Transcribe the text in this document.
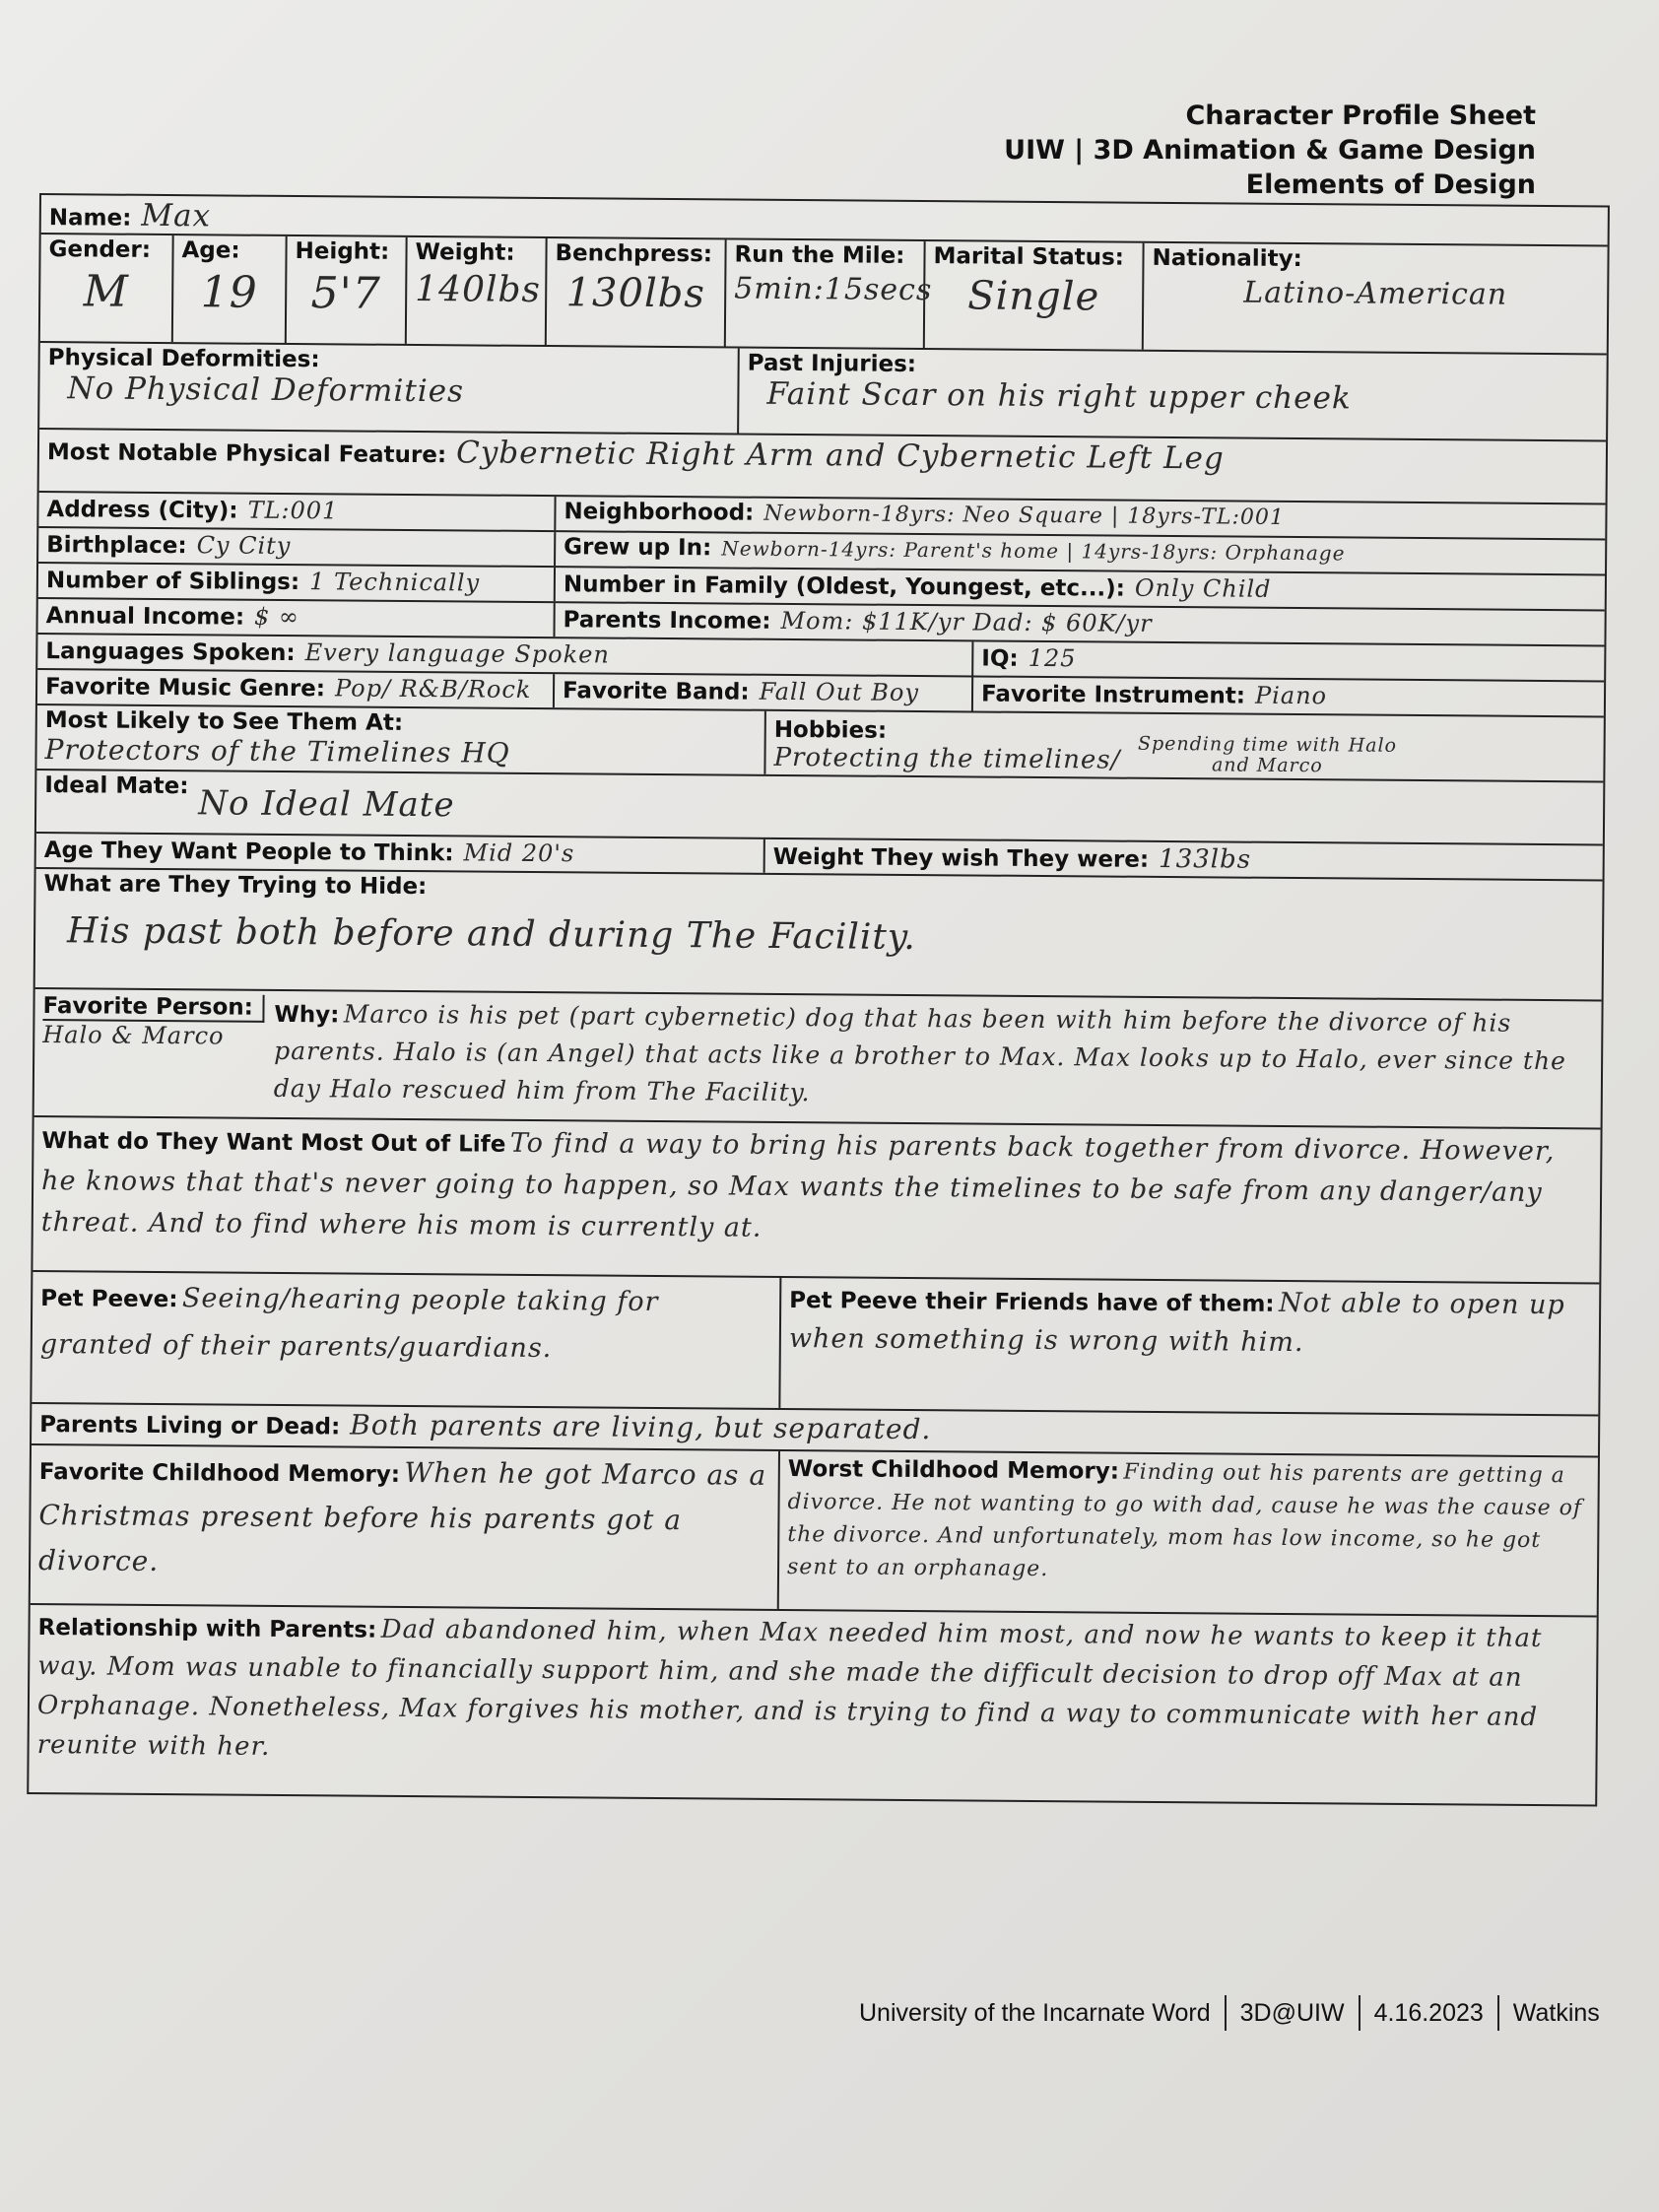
Character Profile Sheet
UIW | 3D Animation & Game Design
Elements of Design
Name: Max
Gender:
M
Age:
19
Height:
5'7
Weight:
140lbs
Benchpress:
130lbs
Run the Mile:
5min:15secs
Marital Status:
Single
Nationality:
Latino-American
Physical Deformities:
No Physical Deformities
Past Injuries:
Faint Scar on his right upper cheek
Most Notable Physical Feature: Cybernetic Right Arm and Cybernetic Left Leg
Address (City): TL:001	Neighborhood: Newborn-18yrs: Neo Square | 18yrs-TL:001
Birthplace: Cy City	Grew up In: Newborn-14yrs: Parent's home | 14yrs-18yrs: Orphanage
Number of Siblings: 1 Technically	Number in Family (Oldest, Youngest, etc...): Only Child
Annual Income: $ ∞	Parents Income: Mom: $11K/yr Dad: $ 60K/yr
Languages Spoken: Every language Spoken	IQ: 125
Favorite Music Genre: Pop/ R&B/Rock Favorite Band: Fall Out Boy	Favorite Instrument: Piano
Most Likely to See Them At:
Protectors of the Timelines HQ
Hobbies:
Protecting the timelines/ Spending time with Halo and Marco
Ideal Mate: No Ideal Mate
Age They Want People to Think: Mid 20's	Weight They wish They were: 133lbs
What are They Trying to Hide:
His past both before and during The Facility.
Favorite Person:
Halo & Marco
Why: Marco is his pet (part cybernetic) dog that has been with him before the divorce of his parents. Halo is (an Angel) that acts like a brother to Max. Max looks up to Halo, ever since the day Halo rescued him from The Facility.
What do They Want Most Out of Life To find a way to bring his parents back together from divorce. However, he knows that that's never going to happen, so Max wants the timelines to be safe from any danger/any threat. And to find where his mom is currently at.
Pet Peeve: Seeing/hearing people taking for granted of their parents/guardians.
Pet Peeve their Friends have of them: Not able to open up when something is wrong with him.
Parents Living or Dead: Both parents are living, but separated.
Favorite Childhood Memory: When he got Marco as a Christmas present before his parents got a divorce.
Worst Childhood Memory: Finding out his parents are getting a divorce. He not wanting to go with dad, cause he was the cause of the divorce. And unfortunately, mom has low income, so he got sent to an orphanage.
Relationship with Parents: Dad abandoned him, when Max needed him most, and now he wants to keep it that way. Mom was unable to financially support him, and she made the difficult decision to drop off Max at an Orphanage. Nonetheless, Max forgives his mother, and is trying to find a way to communicate with her and reunite with her.
University of the Incarnate Word 3D@UIW 4.16.2023 Watkins
